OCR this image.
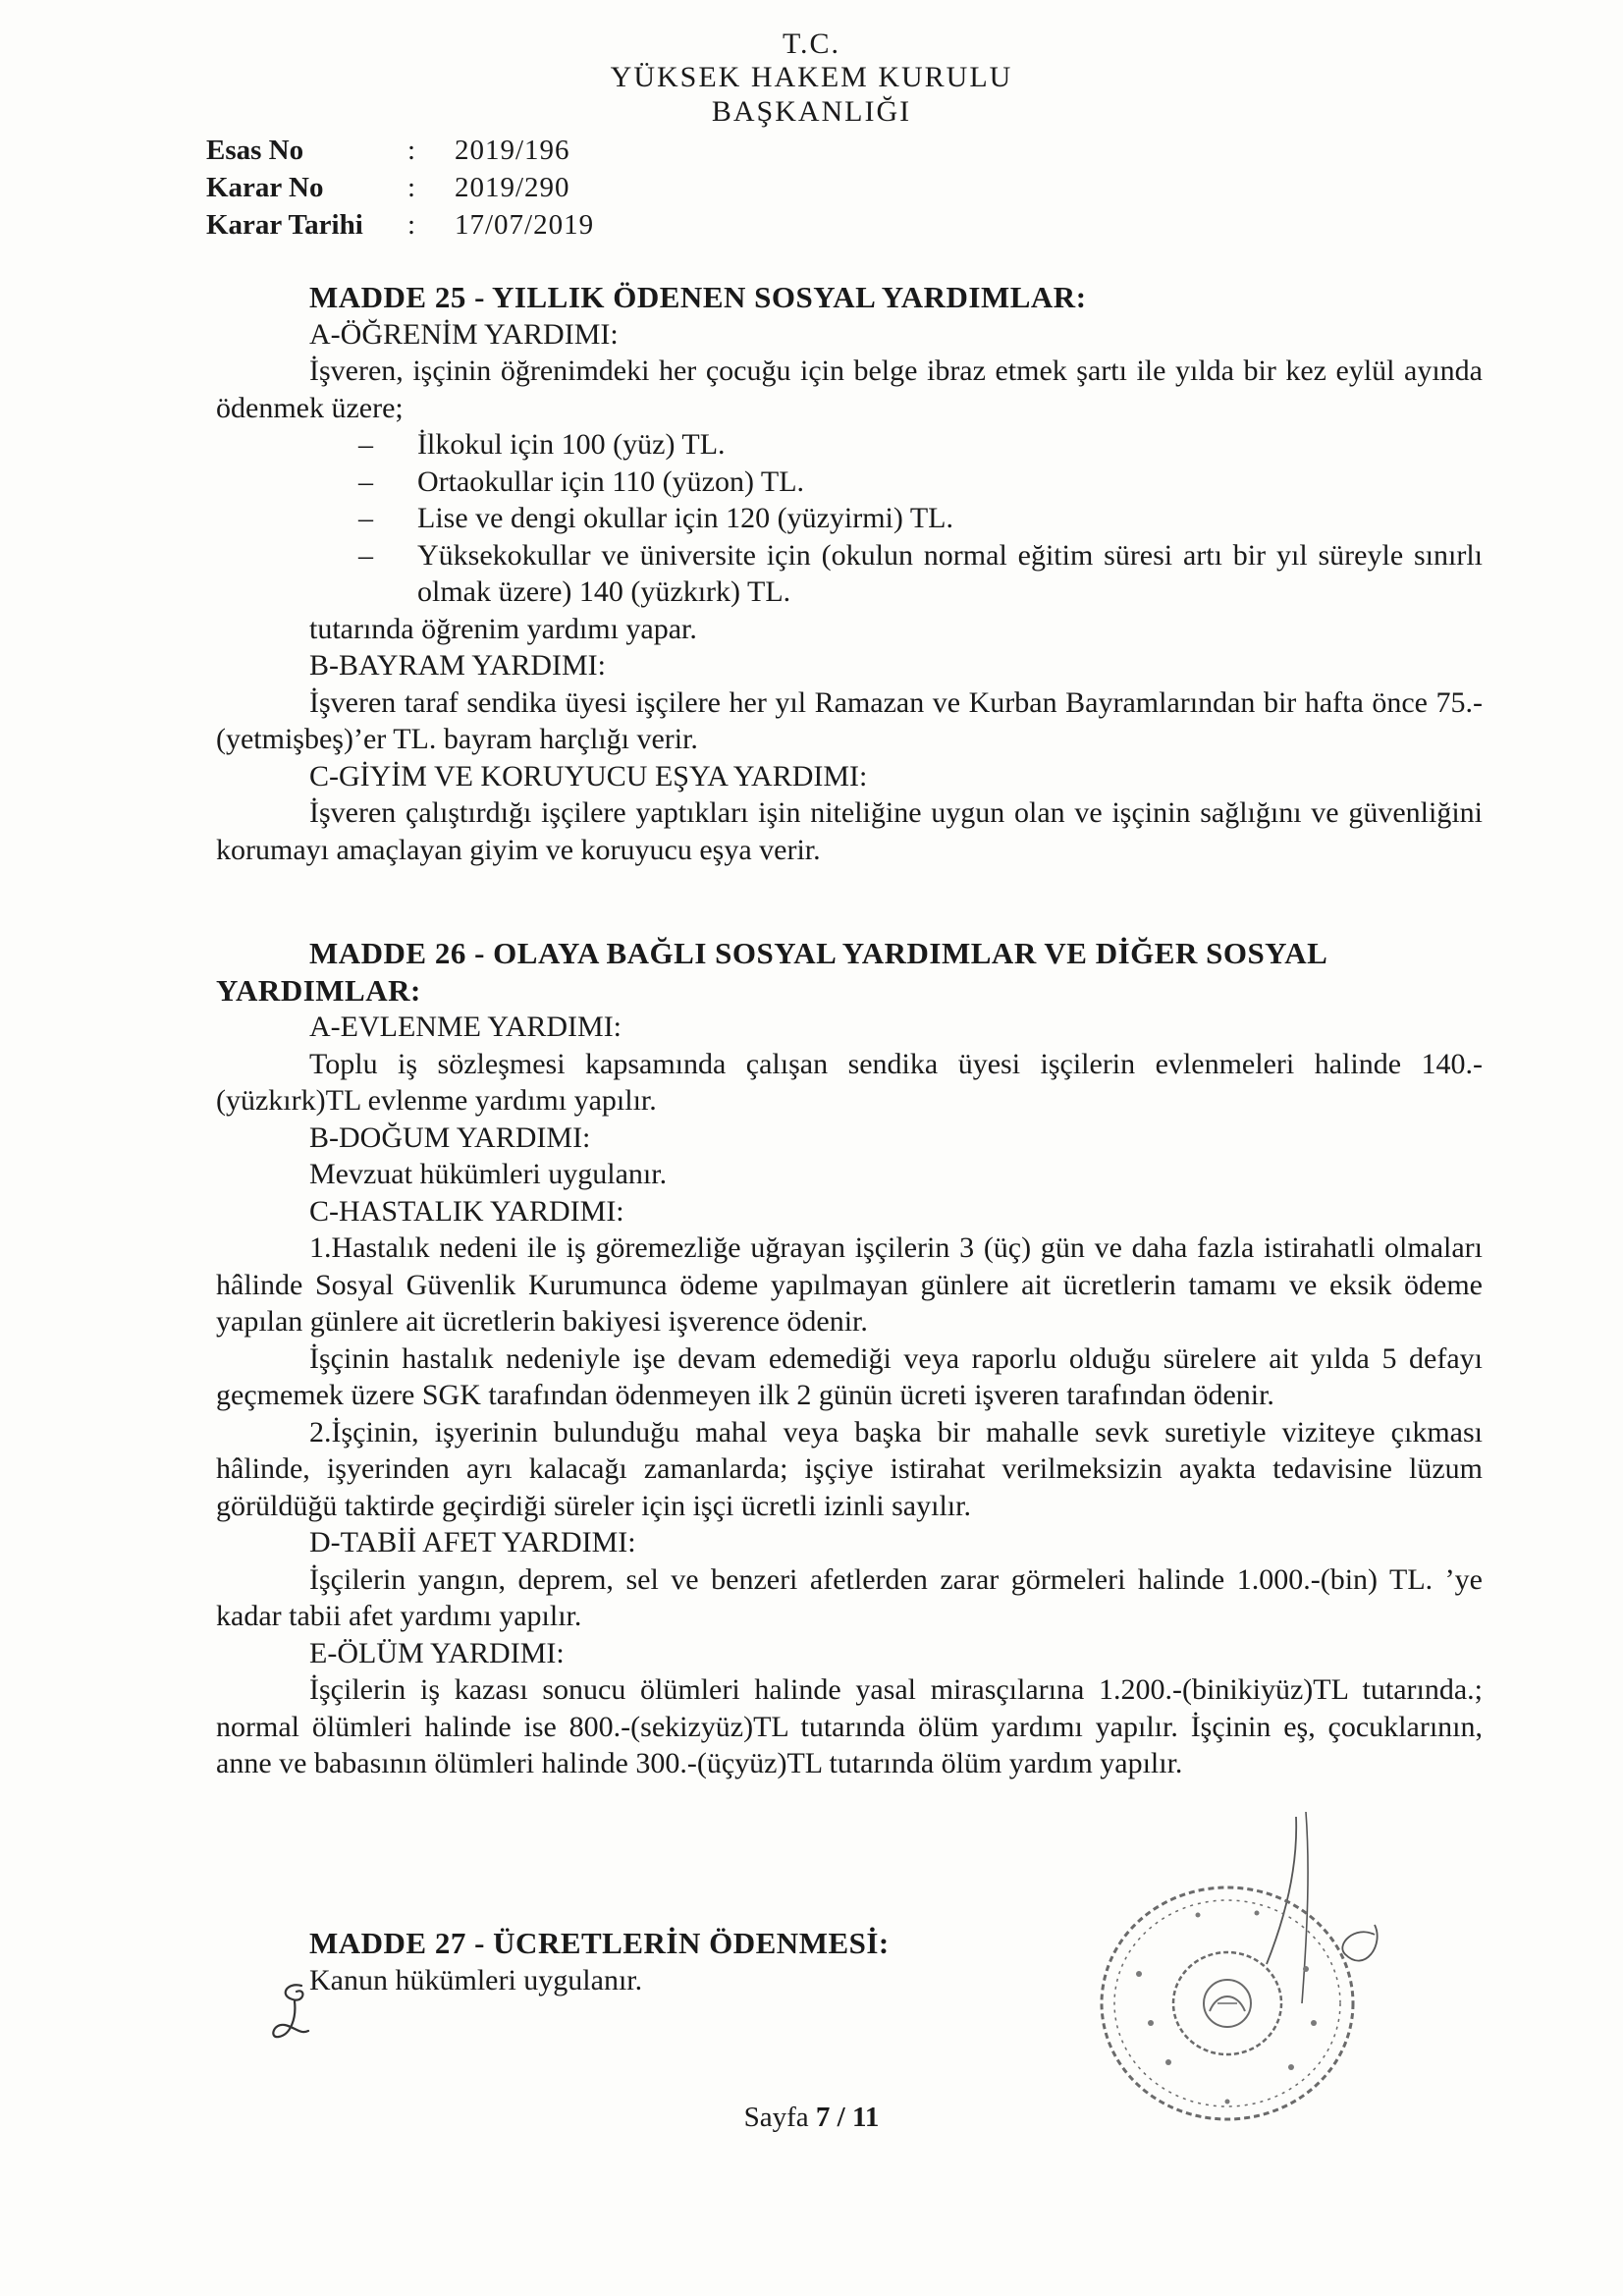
T.C.
YÜKSEK HAKEM KURULU
BAŞKANLIĞI
Esas No	:	2019/196
Karar No	:	2019/290
Karar Tarihi	:	17/07/2019

MADDE 25 - YILLIK ÖDENEN SOSYAL YARDIMLAR:

A-ÖĞRENİM YARDIMI:

İşveren, işçinin öğrenimdeki her çocuğu için belge ibraz etmek şartı ile yılda bir kez eylül ayında ödenmek üzere;

–	İlkokul için 100 (yüz) TL.
–	Ortaokullar için 110 (yüzon) TL.
–	Lise ve dengi okullar için 120 (yüzyirmi) TL.
–	Yüksekokullar ve üniversite için (okulun normal eğitim süresi artı bir yıl süreyle sınırlı olmak üzere) 140 (yüzkırk) TL.

tutarında öğrenim yardımı yapar.

B-BAYRAM YARDIMI:

İşveren taraf sendika üyesi işçilere her yıl Ramazan ve Kurban Bayramlarından bir hafta önce 75.-(yetmişbeş)’er TL. bayram harçlığı verir.

C-GİYİM VE KORUYUCU EŞYA YARDIMI:

İşveren çalıştırdığı işçilere yaptıkları işin niteliğine uygun olan ve işçinin sağlığını ve güvenliğini korumayı amaçlayan giyim ve koruyucu eşya verir.

MADDE 26 - OLAYA BAĞLI SOSYAL YARDIMLAR VE DİĞER SOSYAL

YARDIMLAR:

A-EVLENME YARDIMI:

Toplu iş sözleşmesi kapsamında çalışan sendika üyesi işçilerin evlenmeleri halinde 140.-(yüzkırk)TL evlenme yardımı yapılır.

B-DOĞUM YARDIMI:

Mevzuat hükümleri uygulanır.

C-HASTALIK YARDIMI:

1.Hastalık nedeni ile iş göremezliğe uğrayan işçilerin 3 (üç) gün ve daha fazla istirahatli olmaları hâlinde Sosyal Güvenlik Kurumunca ödeme yapılmayan günlere ait ücretlerin tamamı ve eksik ödeme yapılan günlere ait ücretlerin bakiyesi işverence ödenir.

İşçinin hastalık nedeniyle işe devam edemediği veya raporlu olduğu sürelere ait yılda 5 defayı geçmemek üzere SGK tarafından ödenmeyen ilk 2 günün ücreti işveren tarafından ödenir.

2.İşçinin, işyerinin bulunduğu mahal veya başka bir mahalle sevk suretiyle viziteye çıkması hâlinde, işyerinden ayrı kalacağı zamanlarda; işçiye istirahat verilmeksizin ayakta tedavisine lüzum görüldüğü taktirde geçirdiği süreler için işçi ücretli izinli sayılır.

D-TABİİ AFET YARDIMI:

İşçilerin yangın, deprem, sel ve benzeri afetlerden zarar görmeleri halinde 1.000.-(bin) TL. ’ye kadar tabii afet yardımı yapılır.

E-ÖLÜM YARDIMI:

İşçilerin iş kazası sonucu ölümleri halinde yasal mirasçılarına 1.200.-(binikiyüz)TL tutarında.; normal ölümleri halinde ise 800.-(sekizyüz)TL tutarında ölüm yardımı yapılır. İşçinin eş, çocuklarının, anne ve babasının ölümleri halinde 300.-(üçyüz)TL tutarında ölüm yardım yapılır.

MADDE 27 - ÜCRETLERİN ÖDENMESİ:

Kanun hükümleri uygulanır.

Sayfa 7 / 11
